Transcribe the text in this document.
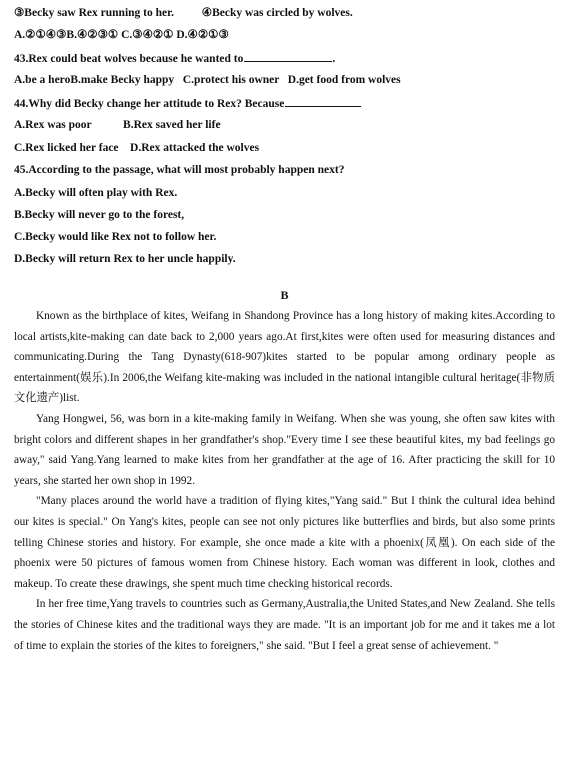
③Becky saw Rex running to her. ④Becky was circled by wolves.
A.②①④③B.④②③① C.③④②① D.④②①③
43.Rex could beat wolves because he wanted to	.
A.be a heroB.make Becky happy   C.protect his owner   D.get food from wolves
44.Why did Becky change her attitude to Rex? Because
A.Rex was poor           B.Rex saved her life
C.Rex licked her face    D.Rex attacked the wolves
45.According to the passage, what will most probably happen next?
A.Becky will often play with Rex.
B.Becky will never go to the forest,
C.Becky would like Rex not to follow her.
D.Becky will return Rex to her uncle happily.
B

Known as the birthplace of kites, Weifang in Shandong Province has a long history of making kites.According to local artists,kite-making can date back to 2,000 years ago.At first,kites were often used for measuring distances and communicating.During the Tang Dynasty(618-907)kites started to be popular among ordinary people as entertainment(娱乐).In 2006,the Weifang kite-making was included in the national intangible cultural heritage(非物质文化遗产)list.

Yang Hongwei, 56, was born in a kite-making family in Weifang. When she was young, she often saw kites with bright colors and different shapes in her grandfather's shop."Every time I see these beautiful kites, my bad feelings go away," said Yang.Yang learned to make kites from her grandfather at the age of 16. After practicing the skill for 10 years, she started her own shop in 1992.

"Many places around the world have a tradition of flying kites,"Yang said." But I think the cultural idea behind our kites is special." On Yang's kites, people can see not only pictures like butterflies and birds, but also some prints telling Chinese stories and history. For example, she once made a kite with a phoenix(凤凰). On each side of the phoenix were 50 pictures of famous women from Chinese history. Each woman was different in look, clothes and makeup. To create these drawings, she spent much time checking historical records.

In her free time,Yang travels to countries such as Germany,Australia,the United States,and New Zealand. She tells the stories of Chinese kites and the traditional ways they are made. "It is an important job for me and it takes me a lot of time to explain the stories of the kites to foreigners," she said. "But I feel a great sense of achievement. "
